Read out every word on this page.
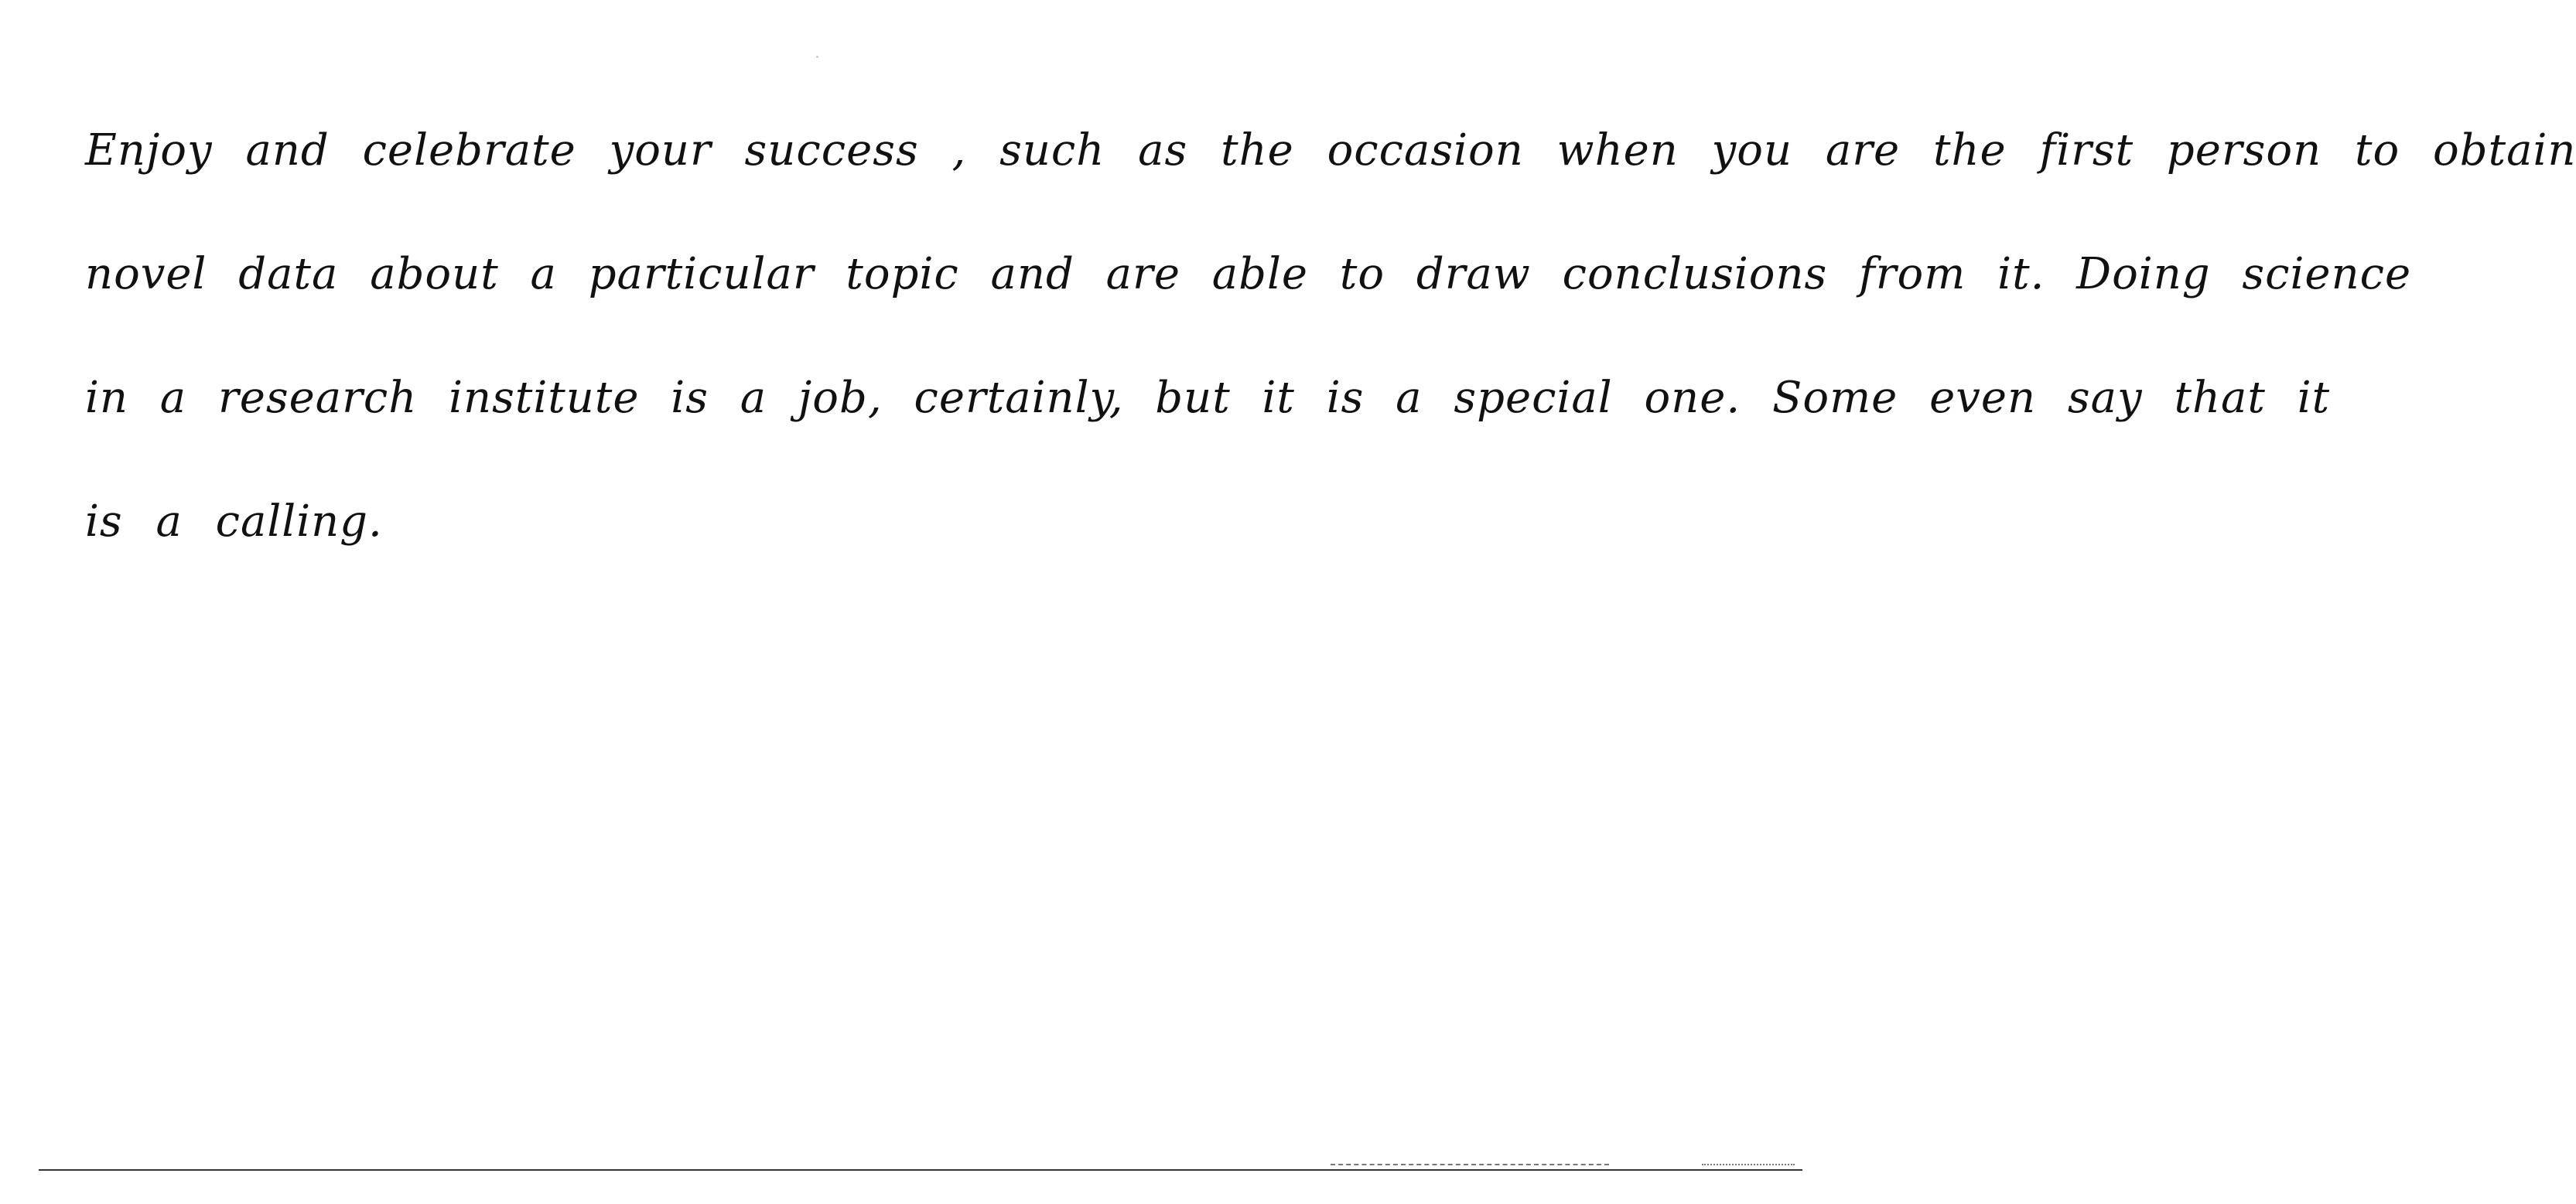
Enjoy and celebrate your success , such as the occasion when you are the first person to obtain
novel data about a particular topic and are able to draw conclusions from it. Doing science
in a research institute is a job, certainly, but it is a special one. Some even say that it
is a calling.
